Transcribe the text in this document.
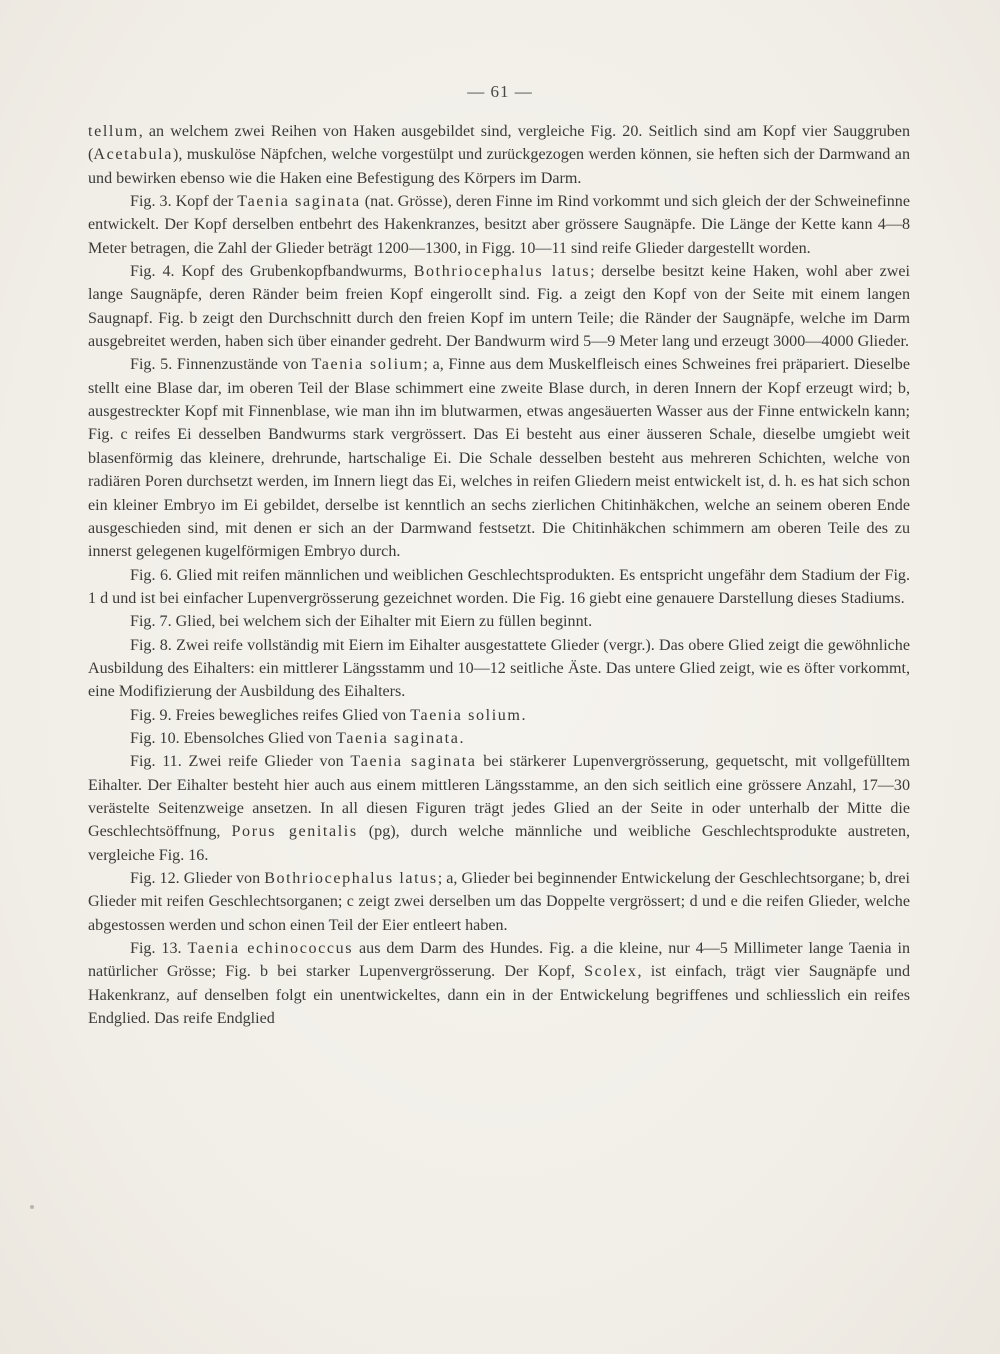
— 61 —

tellum, an welchem zwei Reihen von Haken ausgebildet sind, vergleiche Fig. 20. Seitlich sind am Kopf vier Sauggruben (Acetabula), muskulöse Näpfchen, welche vorgestülpt und zurückgezogen werden können, sie heften sich der Darmwand an und bewirken ebenso wie die Haken eine Befestigung des Körpers im Darm.

Fig. 3. Kopf der Taenia saginata (nat. Grösse), deren Finne im Rind vorkommt und sich gleich der der Schweinefinne entwickelt. Der Kopf derselben entbehrt des Hakenkranzes, besitzt aber grössere Saugnäpfe. Die Länge der Kette kann 4—8 Meter betragen, die Zahl der Glieder beträgt 1200—1300, in Figg. 10—11 sind reife Glieder dargestellt worden.

Fig. 4. Kopf des Grubenkopfbandwurms, Bothriocephalus latus; derselbe besitzt keine Haken, wohl aber zwei lange Saugnäpfe, deren Ränder beim freien Kopf eingerollt sind. Fig. a zeigt den Kopf von der Seite mit einem langen Saugnapf. Fig. b zeigt den Durchschnitt durch den freien Kopf im untern Teile; die Ränder der Saugnäpfe, welche im Darm ausgebreitet werden, haben sich über einander gedreht. Der Bandwurm wird 5—9 Meter lang und erzeugt 3000—4000 Glieder.

Fig. 5. Finnenzustände von Taenia solium; a, Finne aus dem Muskelfleisch eines Schweines frei präpariert. Dieselbe stellt eine Blase dar, im oberen Teil der Blase schimmert eine zweite Blase durch, in deren Innern der Kopf erzeugt wird; b, ausgestreckter Kopf mit Finnenblase, wie man ihn im blutwarmen, etwas angesäuerten Wasser aus der Finne entwickeln kann; Fig. c reifes Ei desselben Bandwurms stark vergrössert. Das Ei besteht aus einer äusseren Schale, dieselbe umgiebt weit blasenförmig das kleinere, drehrunde, hartschalige Ei. Die Schale desselben besteht aus mehreren Schichten, welche von radiären Poren durchsetzt werden, im Innern liegt das Ei, welches in reifen Gliedern meist entwickelt ist, d. h. es hat sich schon ein kleiner Embryo im Ei gebildet, derselbe ist kenntlich an sechs zierlichen Chitinhäkchen, welche an seinem oberen Ende ausgeschieden sind, mit denen er sich an der Darmwand festsetzt. Die Chitinhäkchen schimmern am oberen Teile des zu innerst gelegenen kugelförmigen Embryo durch.

Fig. 6. Glied mit reifen männlichen und weiblichen Geschlechtsprodukten. Es entspricht ungefähr dem Stadium der Fig. 1 d und ist bei einfacher Lupenvergrösserung gezeichnet worden. Die Fig. 16 giebt eine genauere Darstellung dieses Stadiums.

Fig. 7. Glied, bei welchem sich der Eihalter mit Eiern zu füllen beginnt.

Fig. 8. Zwei reife vollständig mit Eiern im Eihalter ausgestattete Glieder (vergr.). Das obere Glied zeigt die gewöhnliche Ausbildung des Eihalters: ein mittlerer Längsstamm und 10—12 seitliche Äste. Das untere Glied zeigt, wie es öfter vorkommt, eine Modifizierung der Ausbildung des Eihalters.

Fig. 9. Freies bewegliches reifes Glied von Taenia solium.

Fig. 10. Ebensolches Glied von Taenia saginata.

Fig. 11. Zwei reife Glieder von Taenia saginata bei stärkerer Lupenvergrösserung, gequetscht, mit vollgefülltem Eihalter. Der Eihalter besteht hier auch aus einem mittleren Längsstamme, an den sich seitlich eine grössere Anzahl, 17—30 verästelte Seitenzweige ansetzen. In all diesen Figuren trägt jedes Glied an der Seite in oder unterhalb der Mitte die Geschlechtsöffnung, Porus genitalis (pg), durch welche männliche und weibliche Geschlechtsprodukte austreten, vergleiche Fig. 16.

Fig. 12. Glieder von Bothriocephalus latus; a, Glieder bei beginnender Entwickelung der Geschlechtsorgane; b, drei Glieder mit reifen Geschlechtsorganen; c zeigt zwei derselben um das Doppelte vergrössert; d und e die reifen Glieder, welche abgestossen werden und schon einen Teil der Eier entleert haben.

Fig. 13. Taenia echinococcus aus dem Darm des Hundes. Fig. a die kleine, nur 4—5 Millimeter lange Taenia in natürlicher Grösse; Fig. b bei starker Lupenvergrösserung. Der Kopf, Scolex, ist einfach, trägt vier Saugnäpfe und Hakenkranz, auf denselben folgt ein unentwickeltes, dann ein in der Entwickelung begriffenes und schliesslich ein reifes Endglied. Das reife Endglied
